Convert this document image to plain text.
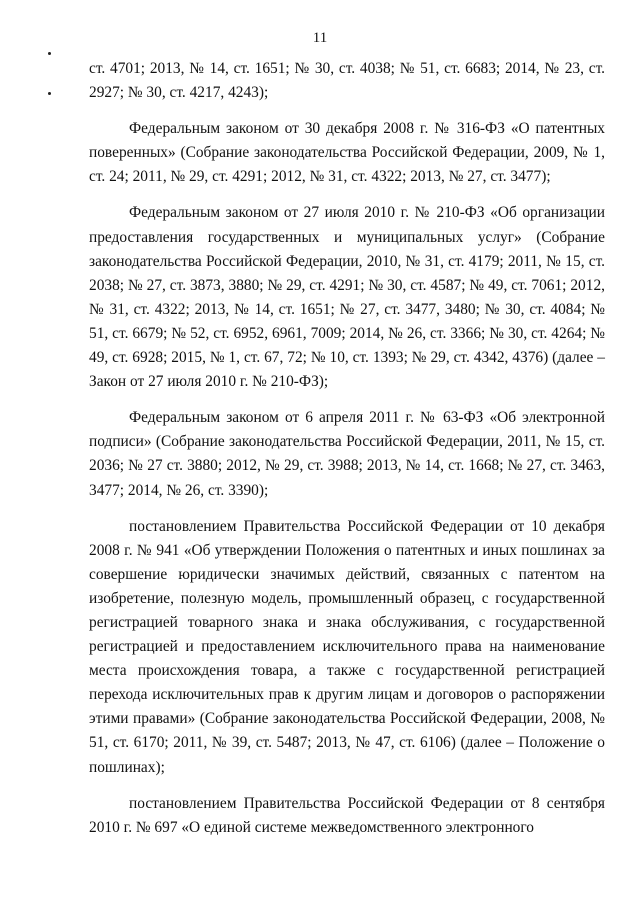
11

ст. 4701; 2013, № 14, ст. 1651; № 30, ст. 4038; № 51, ст. 6683; 2014, № 23, ст. 2927; № 30, ст. 4217, 4243);

Федеральным законом от 30 декабря 2008 г. № 316-ФЗ «О патентных поверенных» (Собрание законодательства Российской Федерации, 2009, № 1, ст. 24; 2011, № 29, ст. 4291; 2012, № 31, ст. 4322; 2013, № 27, ст. 3477);

Федеральным законом от 27 июля 2010 г. № 210-ФЗ «Об организации предоставления государственных и муниципальных услуг» (Собрание законодательства Российской Федерации, 2010, № 31, ст. 4179; 2011, № 15, ст. 2038; № 27, ст. 3873, 3880; № 29, ст. 4291; № 30, ст. 4587; № 49, ст. 7061; 2012, № 31, ст. 4322; 2013, № 14, ст. 1651; № 27, ст. 3477, 3480; № 30, ст. 4084; № 51, ст. 6679; № 52, ст. 6952, 6961, 7009; 2014, № 26, ст. 3366; № 30, ст. 4264; № 49, ст. 6928; 2015, № 1, ст. 67, 72; № 10, ст. 1393; № 29, ст. 4342, 4376) (далее – Закон от 27 июля 2010 г. № 210-ФЗ);

Федеральным законом от 6 апреля 2011 г. № 63-ФЗ «Об электронной подписи» (Собрание законодательства Российской Федерации, 2011, № 15, ст. 2036; № 27 ст. 3880; 2012, № 29, ст. 3988; 2013, № 14, ст. 1668; № 27, ст. 3463, 3477; 2014, № 26, ст. 3390);

постановлением Правительства Российской Федерации от 10 декабря 2008 г. № 941 «Об утверждении Положения о патентных и иных пошлинах за совершение юридически значимых действий, связанных с патентом на изобретение, полезную модель, промышленный образец, с государственной регистрацией товарного знака и знака обслуживания, с государственной регистрацией и предоставлением исключительного права на наименование места происхождения товара, а также с государственной регистрацией перехода исключительных прав к другим лицам и договоров о распоряжении этими правами» (Собрание законодательства Российской Федерации, 2008, № 51, ст. 6170; 2011, № 39, ст. 5487; 2013, № 47, ст. 6106) (далее – Положение о пошлинах);

постановлением Правительства Российской Федерации от 8 сентября 2010 г. № 697 «О единой системе межведомственного электронного
